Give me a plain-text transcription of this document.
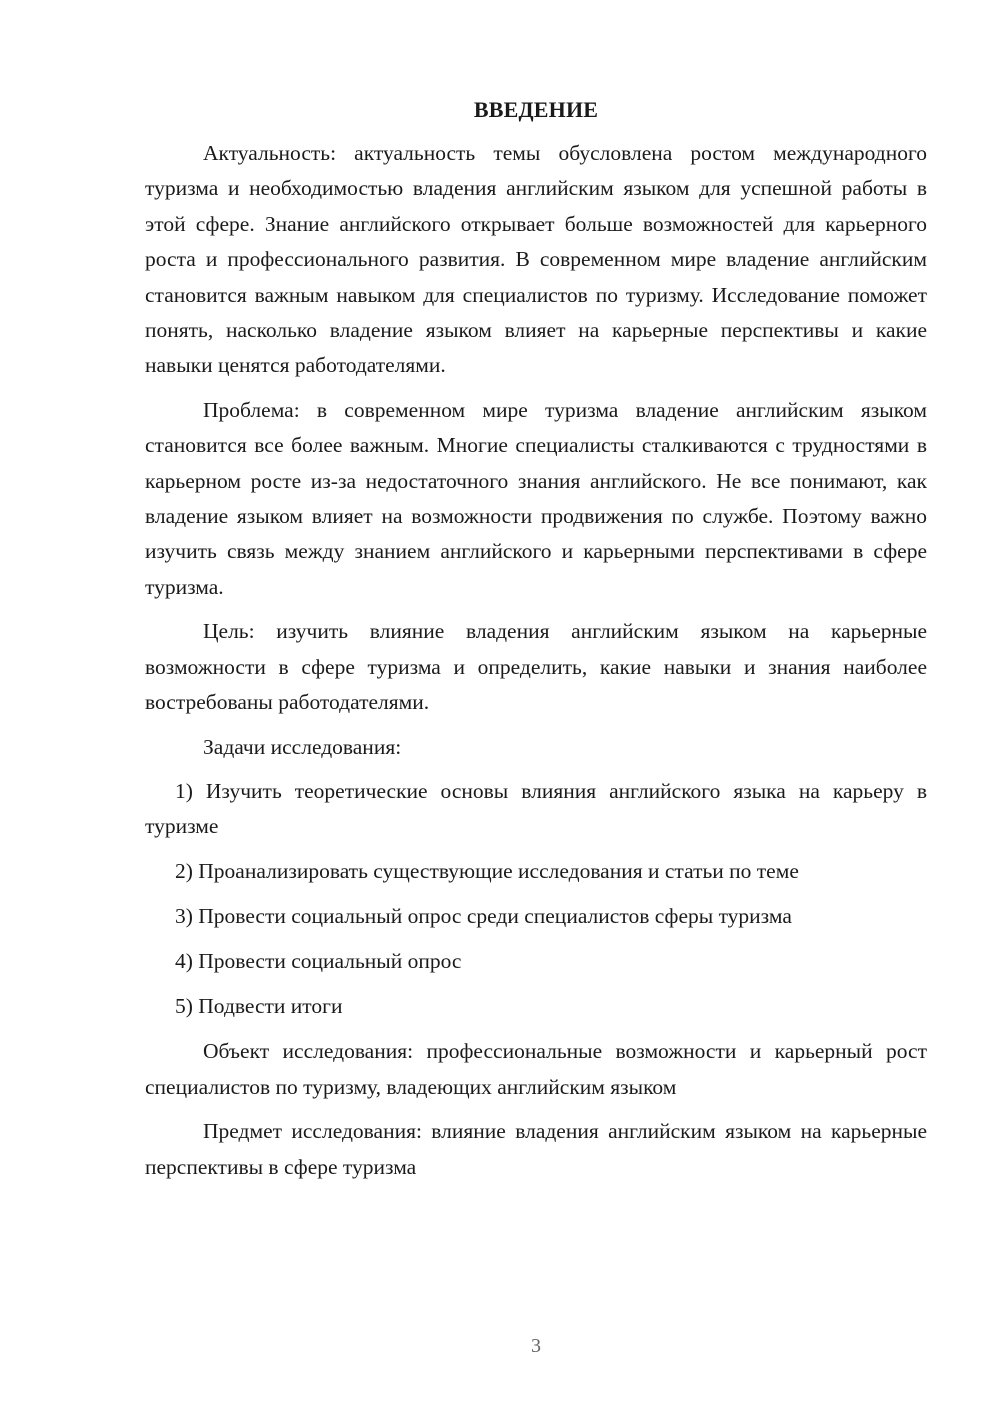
ВВЕДЕНИЕ

Актуальность: актуальность темы обусловлена ростом международного туризма и необходимостью владения английским языком для успешной работы в этой сфере. Знание английского открывает больше возможностей для карьерного роста и профессионального развития. В современном мире владение английским становится важным навыком для специалистов по туризму. Исследование поможет понять, насколько владение языком влияет на карьерные перспективы и какие навыки ценятся работодателями.

Проблема: в современном мире туризма владение английским языком становится все более важным. Многие специалисты сталкиваются с трудностями в карьерном росте из-за недостаточного знания английского. Не все понимают, как владение языком влияет на возможности продвижения по службе. Поэтому важно изучить связь между знанием английского и карьерными перспективами в сфере туризма.

Цель: изучить влияние владения английским языком на карьерные возможности в сфере туризма и определить, какие навыки и знания наиболее востребованы работодателями.

Задачи исследования:

1) Изучить теоретические основы влияния английского языка на карьеру в туризме

2) Проанализировать существующие исследования и статьи по теме

3) Провести социальный опрос среди специалистов сферы туризма

4) Провести социальный опрос

5) Подвести итоги

Объект исследования: профессиональные возможности и карьерный рост специалистов по туризму, владеющих английским языком

Предмет исследования: влияние владения английским языком на карьерные перспективы в сфере туризма

3
